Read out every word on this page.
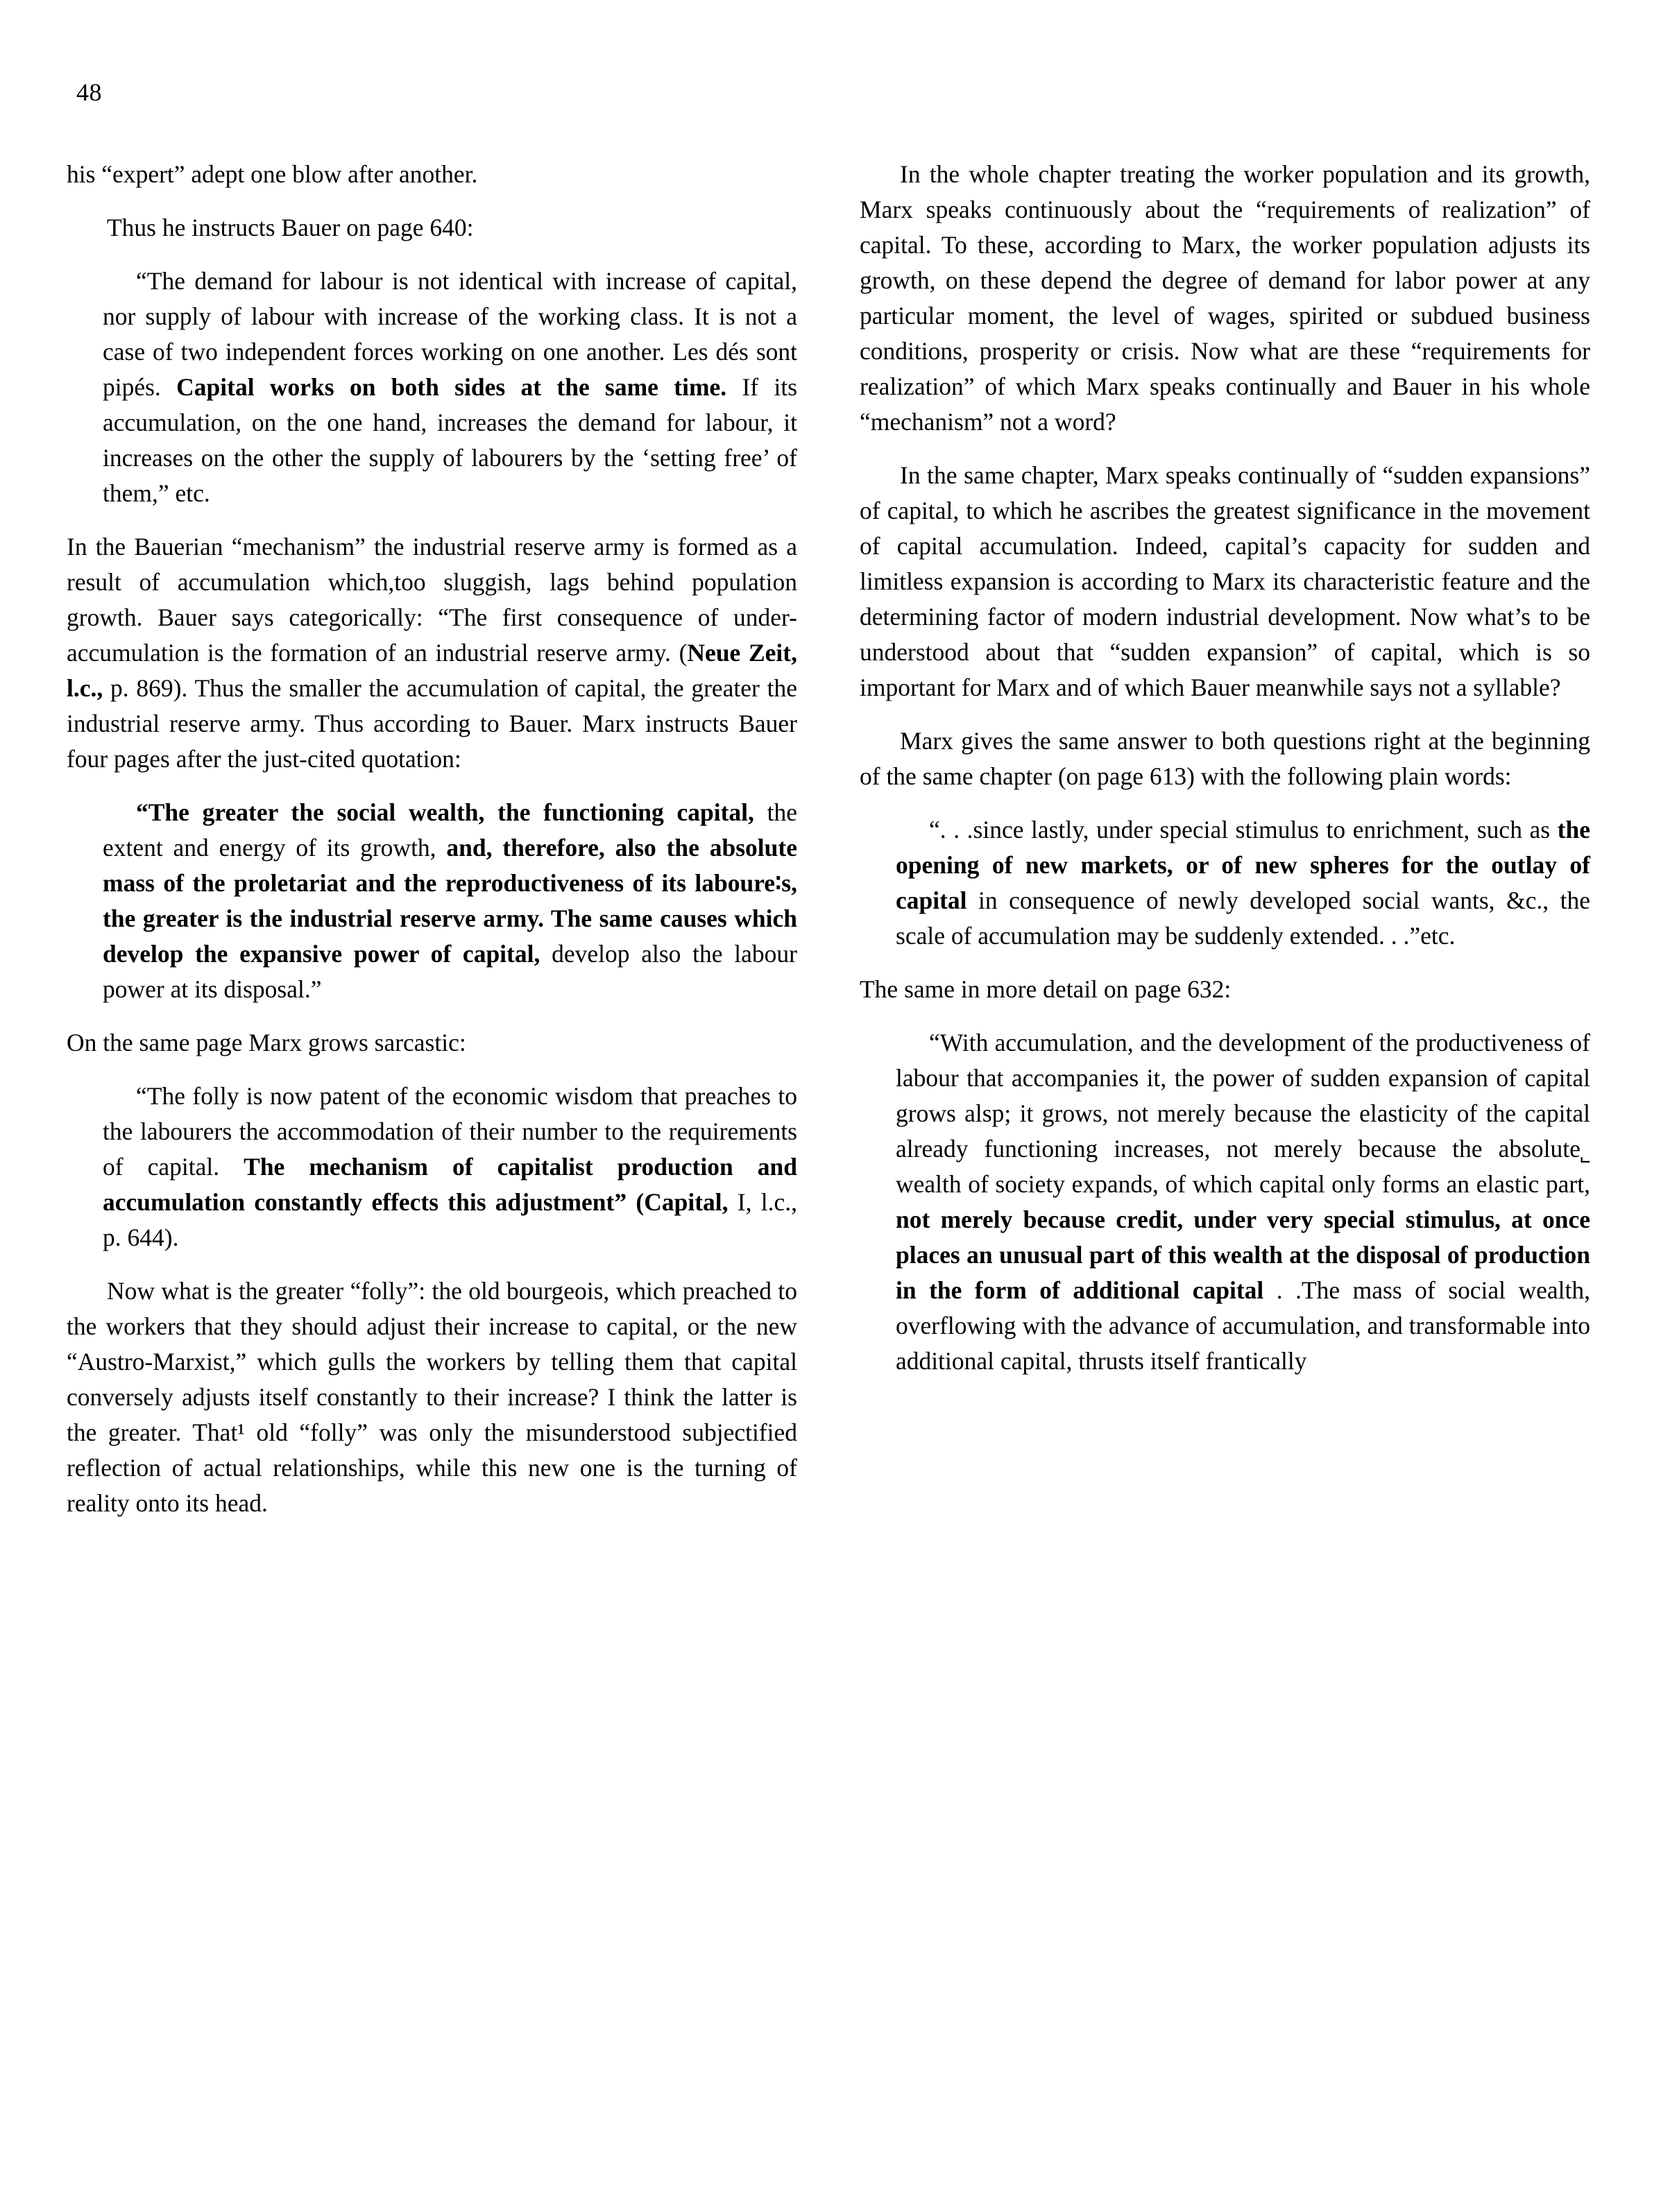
48

his “expert” adept one blow after another.

Thus he instructs Bauer on page 640:

“The demand for labour is not identical with increase of capital, nor supply of labour with increase of the working class. It is not a case of two independent forces working on one another. Les dés sont pipés. Capital works on both sides at the same time. If its accumulation, on the one hand, increases the demand for labour, it increases on the other the supply of labourers by the ‘setting free’ of them,” etc.

In the Bauerian “mechanism” the industrial reserve army is formed as a result of accumulation which,too sluggish, lags behind population growth. Bauer says categorically: “The first consequence of under-accumulation is the formation of an industrial reserve army. (Neue Zeit, l.c., p. 869). Thus the smaller the accumulation of capital, the greater the industrial reserve army. Thus according to Bauer. Marx instructs Bauer four pages after the just-cited quotation:

“The greater the social wealth, the functioning capital, the extent and energy of its growth, and, therefore, also the absolute mass of the proletariat and the reproductiveness of its laboure∶s, the greater is the industrial reserve army. The same causes which develop the expansive power of capital, develop also the labour power at its disposal.”

On the same page Marx grows sarcastic:

“The folly is now patent of the economic wisdom that preaches to the labourers the accommodation of their number to the requirements of capital. The mechanism of capitalist production and accumulation constantly effects this adjustment” (Capital, I, l.c., p. 644).

Now what is the greater “folly”: the old bourgeois, which preached to the workers that they should adjust their increase to capital, or the new “Austro-Marxist,” which gulls the workers by telling them that capital conversely adjusts itself constantly to their increase? I think the latter is the greater. That¹ old “folly” was only the misunderstood subjectified reflection of actual relationships, while this new one is the turning of reality onto its head.

In the whole chapter treating the worker population and its growth, Marx speaks continuously about the “requirements of realization” of capital. To these, according to Marx, the worker population adjusts its growth, on these depend the degree of demand for labor power at any particular moment, the level of wages, spirited or subdued business conditions, prosperity or crisis. Now what are these “requirements for realization” of which Marx speaks continually and Bauer in his whole “mechanism” not a word?

In the same chapter, Marx speaks continually of “sudden expansions” of capital, to which he ascribes the greatest significance in the movement of capital accumulation. Indeed, capital’s capacity for sudden and limitless expansion is according to Marx its characteristic feature and the determining factor of modern industrial development. Now what’s to be understood about that “sudden expansion” of capital, which is so important for Marx and of which Bauer meanwhile says not a syllable?

Marx gives the same answer to both questions right at the beginning of the same chapter (on page 613) with the following plain words:

“. . .since lastly, under special stimulus to enrichment, such as the opening of new markets, or of new spheres for the outlay of capital in consequence of newly developed social wants, &c., the scale of accumulation may be suddenly extended. . .”etc.

The same in more detail on page 632:

“With accumulation, and the development of the productiveness of labour that accompanies it, the power of sudden expansion of capital grows alsp; it grows, not merely because the elasticity of the capital already functioning increases, not merely because the absolute˾ wealth of society expands, of which capital only forms an elastic part, not merely because credit, under very special stimulus, at once places an unusual part of this wealth at the disposal of production in the form of additional capital . .The mass of social wealth, overflowing with the advance of accumulation, and transformable into additional capital, thrusts itself frantically
